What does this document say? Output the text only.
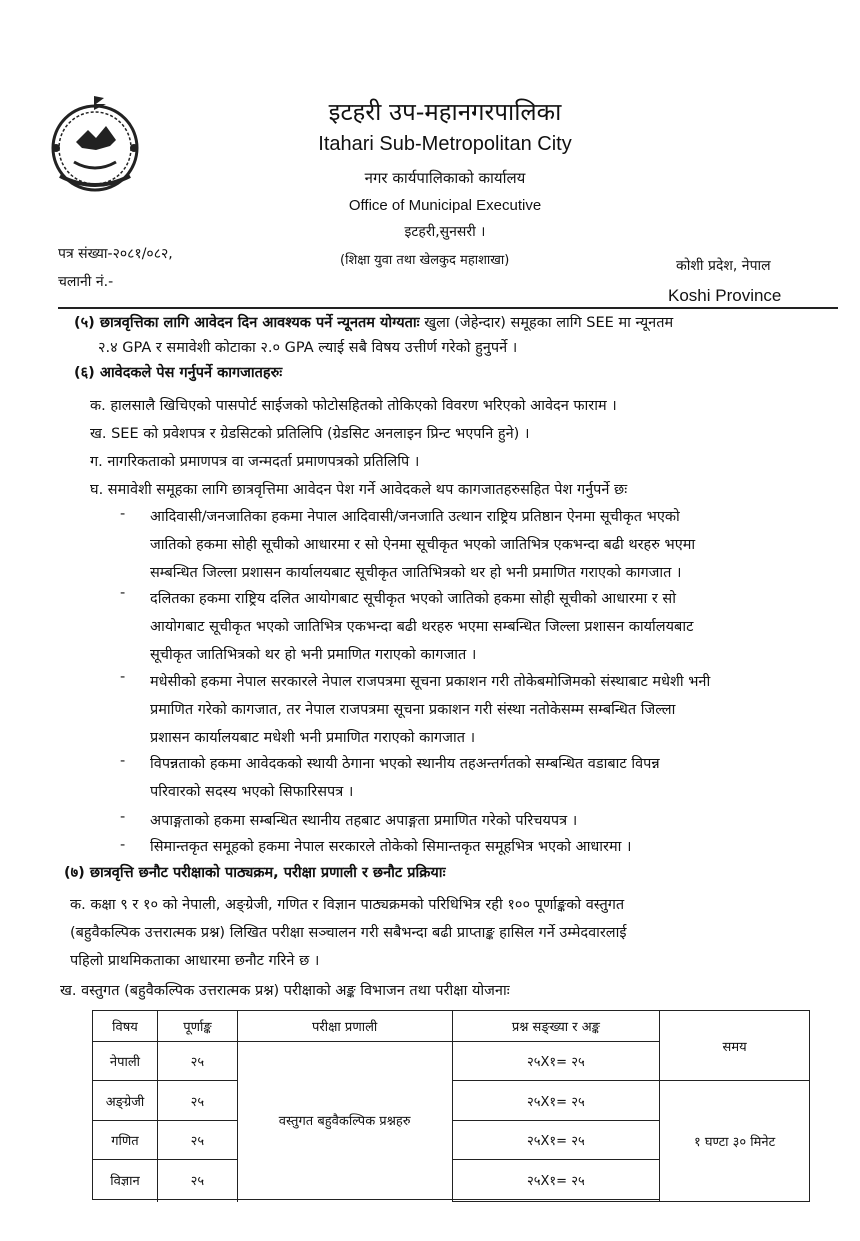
इटहरी उप-महानगरपालिका
Itahari Sub-Metropolitan City
नगर कार्यपालिकाको कार्यालय
Office of Municipal Executive
इटहरी,सुनसरी ।
पत्र संख्या-२०८१/०८२,
चलानी नं.-
(शिक्षा युवा तथा खेलकुद महाशाखा)	कोशी प्रदेश, नेपाल
Koshi Province
(५) छात्रवृत्तिका लागि आवेदन दिन आवश्यक पर्ने न्यूनतम योग्यताः खुला (जेहेन्दार) समूहका लागि SEE मा न्यूनतम
२.४ GPA र समावेशी कोटाका २.० GPA ल्याई सबै विषय उत्तीर्ण गरेको हुनुपर्ने ।
(६) आवेदकले पेस गर्नुपर्ने कागजातहरुः
क. हालसालै खिचिएको पासपोर्ट साईजको फोटोसहितको तोकिएको विवरण भरिएको आवेदन फाराम ।
ख. SEE को प्रवेशपत्र र ग्रेडसिटको प्रतिलिपि (ग्रेडसिट अनलाइन प्रिन्ट भएपनि हुने) ।
ग. नागरिकताको प्रमाणपत्र वा जन्मदर्ता प्रमाणपत्रको प्रतिलिपि ।
घ. समावेशी समूहका लागि छात्रवृत्तिमा आवेदन पेश गर्ने आवेदकले थप कागजातहरुसहित पेश गर्नुपर्ने छः
- आदिवासी/जनजातिका हकमा नेपाल आदिवासी/जनजाति उत्थान राष्ट्रिय प्रतिष्ठान ऐनमा सूचीकृत भएको
जातिको हकमा सोही सूचीको आधारमा र सो ऐनमा सूचीकृत भएको जातिभित्र एकभन्दा बढी थरहरु भएमा
सम्बन्धित जिल्ला प्रशासन कार्यालयबाट सूचीकृत जातिभित्रको थर हो भनी प्रमाणित गराएको कागजात ।
- दलितका हकमा राष्ट्रिय दलित आयोगबाट सूचीकृत भएको जातिको हकमा सोही सूचीको आधारमा र सो
आयोगबाट सूचीकृत भएको जातिभित्र एकभन्दा बढी थरहरु भएमा सम्बन्धित जिल्ला प्रशासन कार्यालयबाट
सूचीकृत जातिभित्रको थर हो भनी प्रमाणित गराएको कागजात ।
- मधेसीको हकमा नेपाल सरकारले नेपाल राजपत्रमा सूचना प्रकाशन गरी तोकेबमोजिमको संस्थाबाट मधेशी भनी
प्रमाणित गरेको कागजात, तर नेपाल राजपत्रमा सूचना प्रकाशन गरी संस्था नतोकेसम्म सम्बन्धित जिल्ला
प्रशासन कार्यालयबाट मधेशी भनी प्रमाणित गराएको कागजात ।
- विपन्नताको हकमा आवेदकको स्थायी ठेगाना भएको स्थानीय तहअन्तर्गतको सम्बन्धित वडाबाट विपन्न
परिवारको सदस्य भएको सिफारिसपत्र ।
- अपाङ्गताको हकमा सम्बन्धित स्थानीय तहबाट अपाङ्गता प्रमाणित गरेको परिचयपत्र ।
- सिमान्तकृत समूहको हकमा नेपाल सरकारले तोकेको सिमान्तकृत समूहभित्र भएको आधारमा ।
(७) छात्रवृत्ति छनौट परीक्षाको पाठ्यक्रम, परीक्षा प्रणाली र छनौट प्रक्रियाः
क. कक्षा ९ र १० को नेपाली, अङ्ग्रेजी, गणित र विज्ञान पाठ्यक्रमको परिधिभित्र रही १०० पूर्णाङ्कको वस्तुगत
(बहुवैकल्पिक उत्तरात्मक प्रश्न) लिखित परीक्षा सञ्चालन गरी सबैभन्दा बढी प्राप्ताङ्क हासिल गर्ने उम्मेदवारलाई
पहिलो प्राथमिकताका आधारमा छनौट गरिने छ ।
ख. वस्तुगत (बहुवैकल्पिक उत्तरात्मक प्रश्न) परीक्षाको अङ्क विभाजन तथा परीक्षा योजनाः
विषय	पूर्णाङ्क	परीक्षा प्रणाली	प्रश्न सङ्ख्या र अङ्क	समय
नेपाली	२५	वस्तुगत बहुवैकल्पिक प्रश्नहरु	२५X१= २५	
अङ्ग्रेजी	२५		२५X१= २५	१ घण्टा ३० मिनेट
गणित	२५		२५X१= २५	
विज्ञान	२५		२५X१= २५	
